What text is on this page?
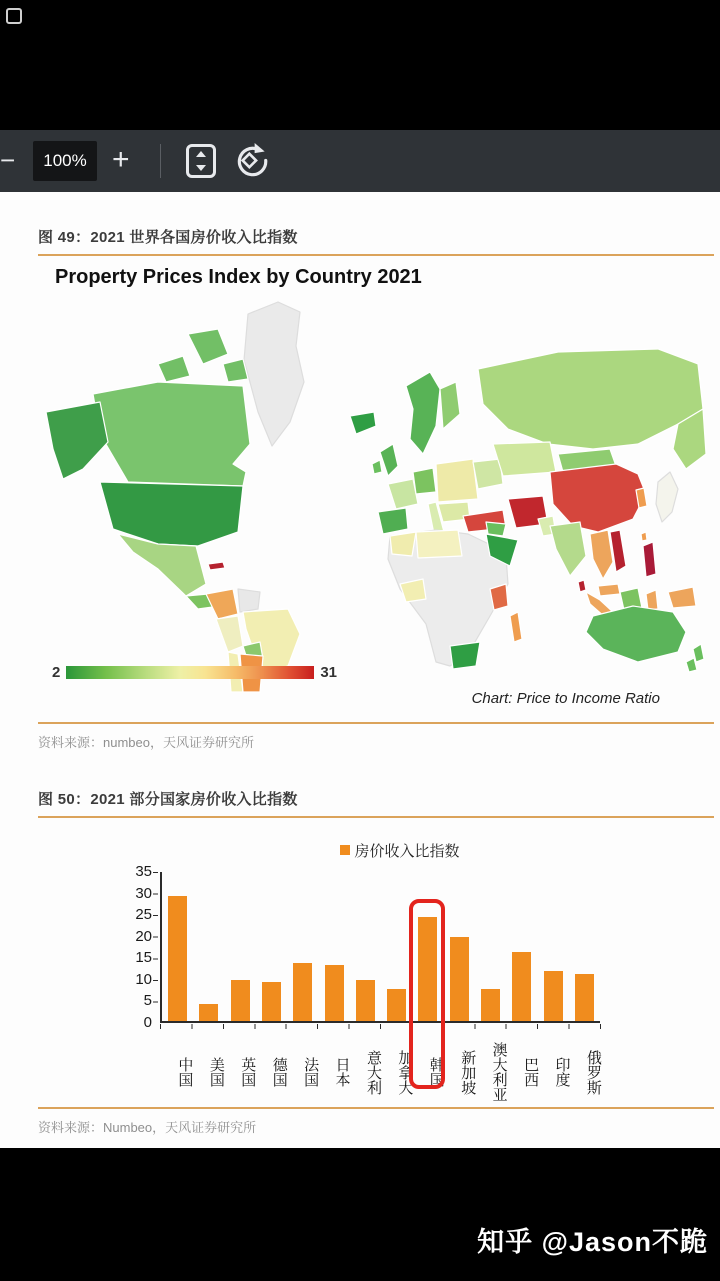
−	100% +
图 49：2021 世界各国房价收入比指数
Property Prices Index by Country 2021
2	31
Chart: Price to Income Ratio
资料来源：numbeo，天风证券研究所
图 50：2021 部分国家房价收入比指数
房价收入比指数
0
5
10
15
20
25
30
35
中国	美国	英国	德国	法国	日本	意大利	加拿大	韩国	新加坡	澳大利亚	巴西	印度	俄罗斯
资料来源：Numbeo，天风证券研究所
知乎 @Jason不跪
